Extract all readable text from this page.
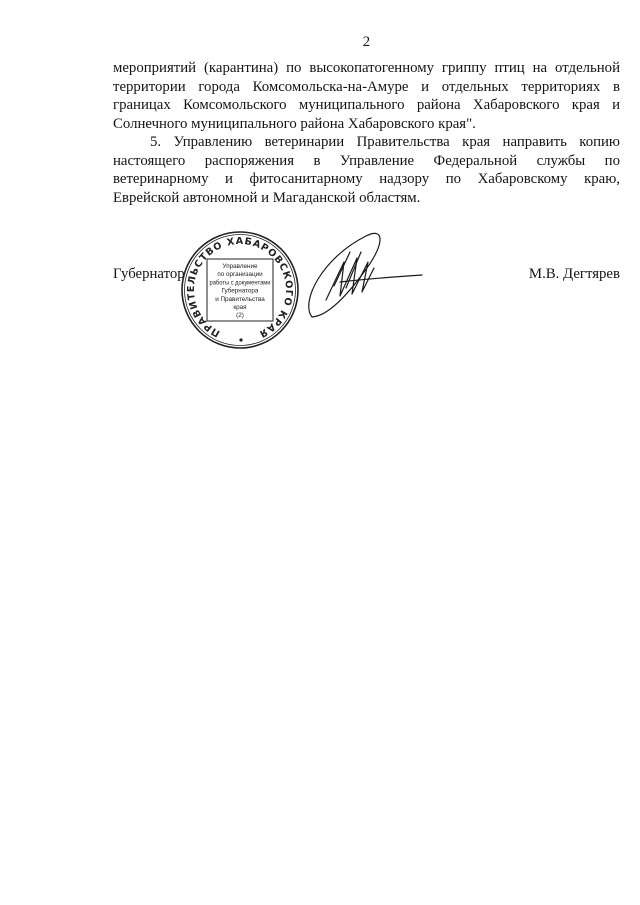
2
мероприятий (карантина) по высокопатогенному гриппу птиц на отдельной
территории города Комсомольска-на-Амуре и отдельных территориях в
границах Комсомольского муниципального района Хабаровского края и
Солнечного муниципального района Хабаровского края".
5. Управлению ветеринарии Правительства края направить копию
настоящего распоряжения в Управление Федеральной службы по
ветеринарному и фитосанитарному надзору по Хабаровскому краю,
Еврейской автономной и Магаданской областям.
Губернатор	М.В. Дегтярев
ПРАВИТЕЛЬСТВО ХАБАРОВСКОГО КРАЯ
Управление
по организации
работы с документами
Губернатора
и Правительства
края
(2)
